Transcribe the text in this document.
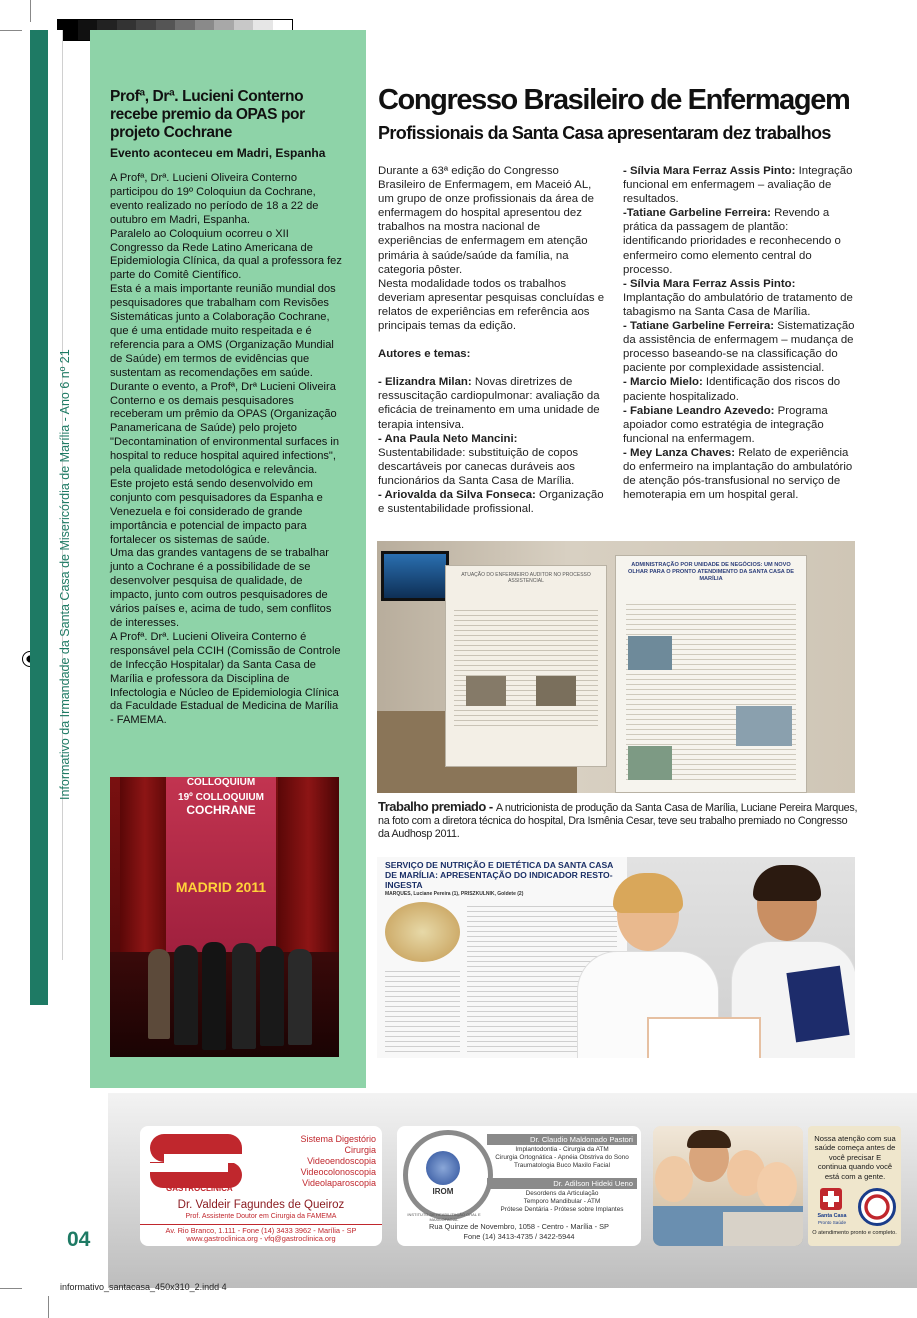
Informativo da Irmandade da Santa Casa de Misericórdia de Marília - Ano 6 nº 21
Profª, Drª. Lucieni Conterno recebe premio da OPAS por projeto Cochrane
Evento aconteceu em Madri, Espanha

A Profª, Drª. Lucieni Oliveira Conterno participou do 19º Coloquiun da Cochrane, evento realizado no período de 18 a 22 de outubro em Madri, Espanha.

Paralelo ao Coloquium ocorreu o XII Congresso da Rede Latino Americana de Epidemiologia Clínica, da qual a professora fez parte do Comitê Científico.

Esta é a mais importante reunião mundial dos pesquisadores que trabalham com Revisões Sistemáticas junto a Colaboração Cochrane, que é uma entidade muito respeitada e é referencia para a OMS (Organização Mundial de Saúde) em termos de evidências que sustentam as recomendações em saúde.

Durante o evento, a Profª, Drª Lucieni Oliveira Conterno e os demais pesquisadores receberam um prêmio da OPAS (Organização Panamericana de Saúde) pelo projeto "Decontamination of environmental surfaces in hospital to reduce hospital aquired infections", pela qualidade metodológica e relevância.

Este projeto está sendo desenvolvido em conjunto com pesquisadores da Espanha e Venezuela e foi considerado de grande importância e potencial de impacto para fortalecer os sistemas de saúde.

Uma das grandes vantagens de se trabalhar junto a Cochrane é a possibilidade de se desenvolver pesquisa de qualidade, de impacto, junto com outros pesquisadores de vários países e, acima de tudo, sem conflitos de interesses.

A Profª. Drª. Lucieni Oliveira Conterno é responsável pela CCIH (Comissão de Controle de Infecção Hospitalar) da Santa Casa de Marília e professora da Disciplina de Infectologia e Núcleo de Epidemiologia Clínica da Faculdade Estadual de Medicina de Marília - FAMEMA.

COLLOQUIUM
19º COLLOQUIUM
COCHRANE
MADRID 2011
Congresso Brasileiro de Enfermagem
Profissionais da Santa Casa apresentaram dez trabalhos

Durante a 63ª edição do Congresso Brasileiro de Enfermagem, em Maceió AL, um grupo de onze profissionais da área de enfermagem do hospital apresentou dez trabalhos na mostra nacional de experiências de enfermagem em atenção primária à saúde/saúde da família, na categoria pôster.

Nesta modalidade todos os trabalhos deveriam apresentar pesquisas concluídas e relatos de experiências em referência aos principais temas da edição.

Autores e temas:

- Elizandra Milan: Novas diretrizes de ressuscitação cardiopulmonar: avaliação da eficácia de treinamento em uma unidade de terapia intensiva.

- Ana Paula Neto Mancini: Sustentabilidade: substituição de copos descartáveis por canecas duráveis aos funcionários da Santa Casa de Marília.

- Ariovalda da Silva Fonseca: Organização e sustentabilidade profissional.

- Sílvia Mara Ferraz Assis Pinto: Integração funcional em enfermagem – avaliação de resultados.

-Tatiane Garbeline Ferreira: Revendo a prática da passagem de plantão: identificando prioridades e reconhecendo o enfermeiro como elemento central do processo.

- Sílvia Mara Ferraz Assis Pinto: Implantação do ambulatório de tratamento de tabagismo na Santa Casa de Marília.

- Tatiane Garbeline Ferreira: Sistematização da assistência de enfermagem – mudança de processo baseando-se na classificação do paciente por complexidade assistencial.

- Marcio Mielo: Identificação dos riscos do paciente hospitalizado.

- Fabiane Leandro Azevedo: Programa apoiador como estratégia de integração funcional na enfermagem.

- Mey Lanza Chaves: Relato de experiência do enfermeiro na implantação do ambulatório de atenção pós-transfusional no serviço de hemoterapia em um hospital geral.

ATUAÇÃO DO ENFERMEIRO AUDITOR NO PROCESSO ASSISTENCIAL
ADMINISTRAÇÃO POR UNIDADE DE NEGÓCIOS: UM NOVO OLHAR PARA O PRONTO ATENDIMENTO DA SANTA CASA DE MARÍLIA
Trabalho premiado - A nutricionista de produção da Santa Casa de Marília, Luciane Pereira Marques, na foto com a diretora técnica do hospital, Dra Ismênia Cesar, teve seu trabalho premiado no Congresso da Audhosp 2011.
SERVIÇO DE NUTRIÇÃO E DIETÉTICA DA SANTA CASA DE MARÍLIA: APRESENTAÇÃO DO INDICADOR RESTO-INGESTA
MARQUES, Luciane Pereira (1), PRISZKULNIK, Goldete (2)
GASTROCLÍNICA
Sistema Digestório
Cirurgia
Videoendoscopia
Videocolonoscopia
Videolaparoscopia
Dr. Valdeir Fagundes de Queiroz
Prof. Assistente Doutor em Cirurgia da FAMEMA
Av. Rio Branco, 1.111 - Fone (14) 3433 3962 - Marília - SP
www.gastroclinica.org - vfq@gastroclinica.org
IROM
INSTITUTO DE REABILITAÇÃO ORAL E MAXILOFACIAL
Dr. Claudio Maldonado Pastori
Implantodontia - Cirurgia da ATM
Cirurgia Ortognática - Apnéia Obstriva do Sono
Traumatologia Buco Maxilo Facial
Dr. Adilson Hideki Ueno
Desordens da Articulação
Temporo Mandibular - ATM
Prótese Dentária - Prótese sobre Implantes
Rua Quinze de Novembro, 1058 - Centro - Marília - SP
Fone (14) 3413-4735 / 3422-5944
Nossa atenção com sua saúde começa antes de você precisar E continua quando você está com a gente.
Santa Casa
Pronto Saúde
O atendimento pronto e completo.
04
informativo_santacasa_450x310_2.indd 4
